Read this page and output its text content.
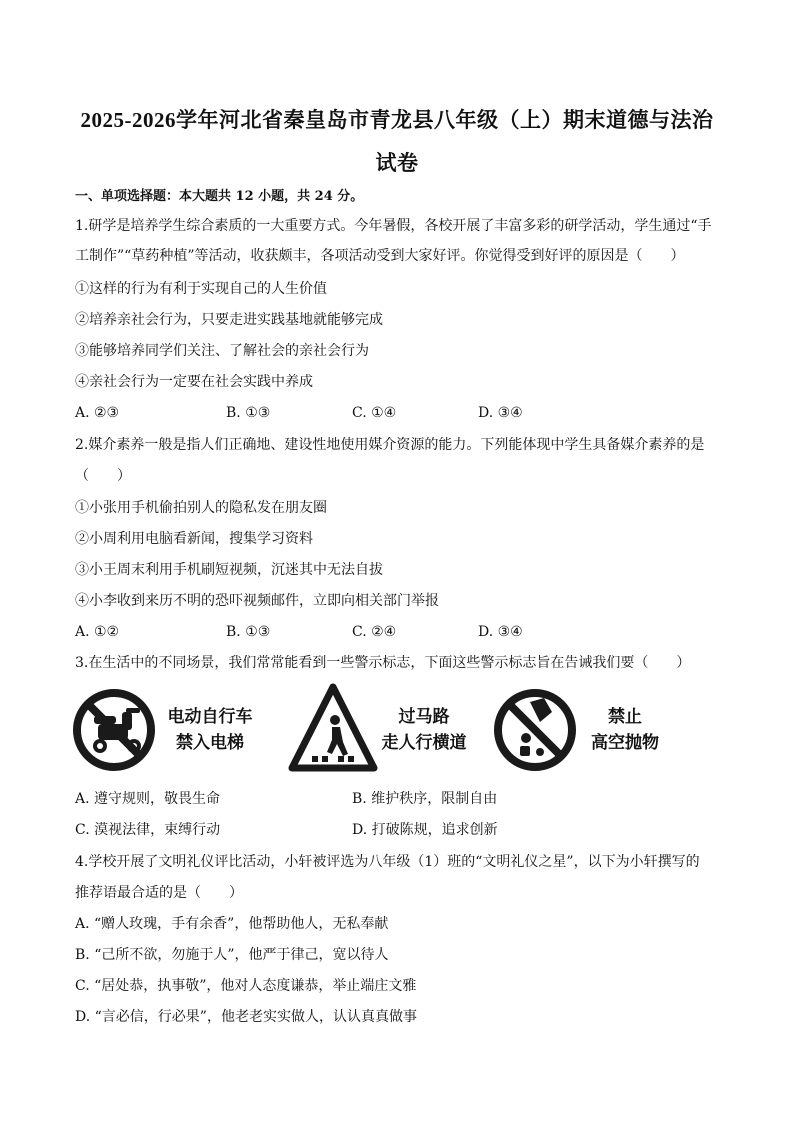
2025-2026学年河北省秦皇岛市青龙县八年级（上）期末道德与法治
试卷
一、单项选择题：本大题共 12 小题，共 24 分。
1.研学是培养学生综合素质的一大重要方式。今年暑假，各校开展了丰富多彩的研学活动，学生通过“手
工制作”“草药种植”等活动，收获颇丰，各项活动受到大家好评。你觉得受到好评的原因是（　　）
①这样的行为有利于实现自己的人生价值
②培养亲社会行为，只要走进实践基地就能够完成
③能够培养同学们关注、了解社会的亲社会行为
④亲社会行为一定要在社会实践中养成
A. ②③	B. ①③	C. ①④	D. ③④
2.媒介素养一般是指人们正确地、建设性地使用媒介资源的能力。下列能体现中学生具备媒介素养的是
（　　）
①小张用手机偷拍别人的隐私发在朋友圈
②小周利用电脑看新闻，搜集学习资料
③小王周末利用手机刷短视频，沉迷其中无法自拔
④小李收到来历不明的恐吓视频邮件，立即向相关部门举报
A. ①②	B. ①③	C. ②④	D. ③④
3.在生活中的不同场景，我们常常能看到一些警示标志，下面这些警示标志旨在告诫我们要（　　）
电动自行车
禁入电梯
过马路
走人行横道
禁止
高空抛物
A. 遵守规则，敬畏生命	B. 维护秩序，限制自由
C. 漠视法律，束缚行动	D. 打破陈规，追求创新
4.学校开展了文明礼仪评比活动，小轩被评选为八年级（1）班的“文明礼仪之星”，以下为小轩撰写的
推荐语最合适的是（　　）
A. “赠人玫瑰，手有余香”，他帮助他人，无私奉献
B. “己所不欲，勿施于人”，他严于律己，宽以待人
C. “居处恭，执事敬”，他对人态度谦恭，举止端庄文雅
D. “言必信，行必果”，他老老实实做人，认认真真做事
